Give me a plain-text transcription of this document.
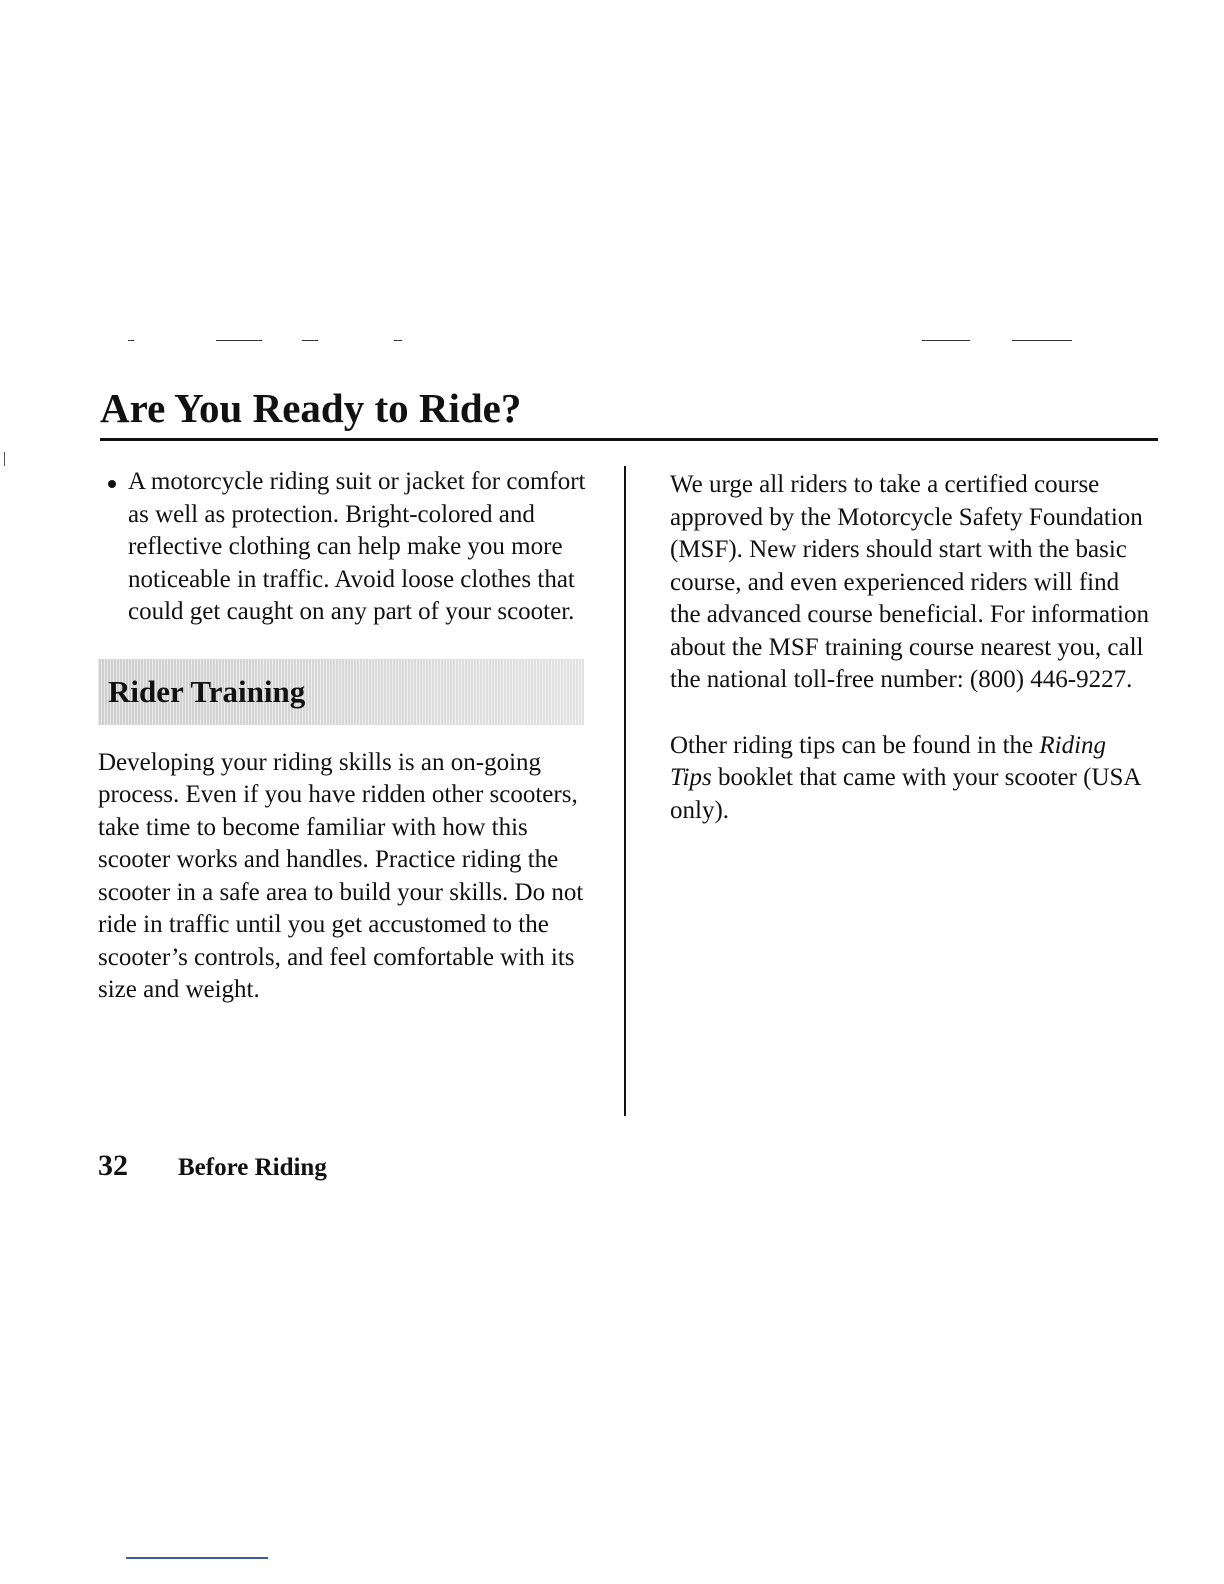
Are You Ready to Ride?

A motorcycle riding suit or jacket for comfort as well as protection. Bright-colored and reflective clothing can help make you more noticeable in traffic. Avoid loose clothes that could get caught on any part of your scooter.

Rider Training

Developing your riding skills is an on-going process. Even if you have ridden other scooters, take time to become familiar with how this scooter works and handles. Practice riding the scooter in a safe area to build your skills. Do not ride in traffic until you get accustomed to the scooter’s controls, and feel comfortable with its size and weight.

We urge all riders to take a certified course approved by the Motorcycle Safety Foundation (MSF). New riders should start with the basic course, and even experienced riders will find the advanced course beneficial. For information about the MSF training course nearest you, call the national toll-free number: (800) 446-9227.

Other riding tips can be found in the Riding Tips booklet that came with your scooter (USA only).

32 Before Riding
